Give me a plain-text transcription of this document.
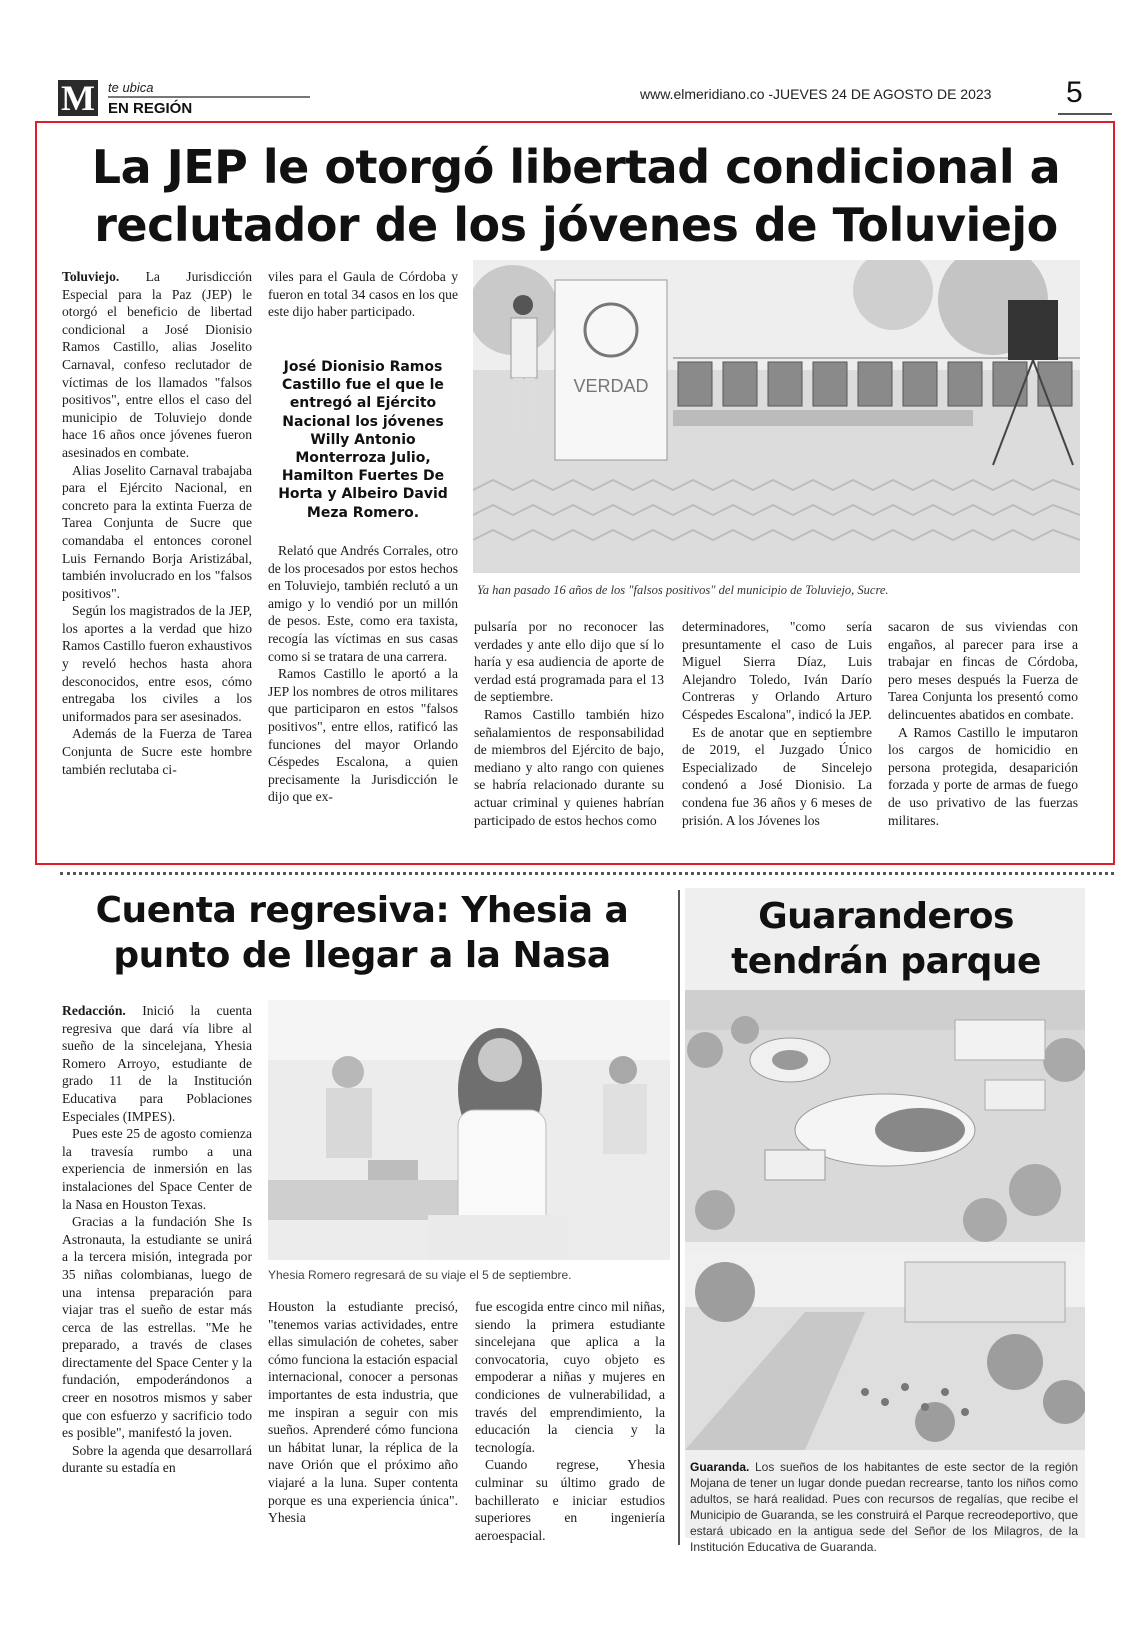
M te ubica
EN REGIÓN
www.elmeridiano.co -JUEVES 24 DE AGOSTO DE 2023 5
La JEP le otorgó libertad condicional a
reclutador de los jóvenes de Toluviejo

Toluviejo. La Jurisdicción Especial para la Paz (JEP) le otorgó el beneficio de libertad condicional a José Dionisio Ramos Castillo, alias Joselito Carnaval, confeso reclutador de víctimas de los llamados "falsos positivos", entre ellos el caso del municipio de Toluviejo donde hace 16 años once jóvenes fueron asesinados en combate.

Alias Joselito Carnaval trabajaba para el Ejército Nacional, en concreto para la extinta Fuerza de Tarea Conjunta de Sucre que comandaba el entonces coronel Luis Fernando Borja Aristizábal, también involucrado en los "falsos positivos".

Según los magistrados de la JEP, los aportes a la verdad que hizo Ramos Castillo fueron exhaustivos y reveló hechos hasta ahora desconocidos, entre esos, cómo entregaba los civiles a los uniformados para ser asesinados.

Además de la Fuerza de Tarea Conjunta de Sucre este hombre también reclutaba ci-

viles para el Gaula de Córdoba y fueron en total 34 casos en los que este dijo haber participado.

José Dionisio Ramos Castillo fue el que le entregó al Ejército Nacional los jóvenes Willy Antonio Monterroza Julio, Hamilton Fuertes De Horta y Albeiro David Meza Romero.

Relató que Andrés Corrales, otro de los procesados por estos hechos en Toluviejo, también reclutó a un amigo y lo vendió por un millón de pesos. Este, como era taxista, recogía las víctimas en sus casas como si se tratara de una carrera.

Ramos Castillo le aportó a la JEP los nombres de otros militares que participaron en estos "falsos positivos", entre ellos, ratificó las funciones del mayor Orlando Céspedes Escalona, a quien precisamente la Jurisdicción le dijo que ex-

VERDAD
Ya han pasado 16 años de los "falsos positivos" del municipio de Toluviejo, Sucre.

pulsaría por no reconocer las verdades y ante ello dijo que sí lo haría y esa audiencia de aporte de verdad está programada para el 13 de septiembre.

Ramos Castillo también hizo señalamientos de responsabilidad de miembros del Ejército de bajo, mediano y alto rango con quienes se habría relacionado durante su actuar criminal y quienes habrían participado de estos hechos como

determinadores, "como sería presuntamente el caso de Luis Miguel Sierra Díaz, Luis Alejandro Toledo, Iván Darío Contreras y Orlando Arturo Céspedes Escalona", indicó la JEP.

Es de anotar que en septiembre de 2019, el Juzgado Único Especializado de Sincelejo condenó a José Dionisio. La condena fue 36 años y 6 meses de prisión. A los Jóvenes los

sacaron de sus viviendas con engaños, al parecer para irse a trabajar en fincas de Córdoba, pero meses después la Fuerza de Tarea Conjunta los presentó como delincuentes abatidos en combate.

A Ramos Castillo le imputaron los cargos de homicidio en persona protegida, desaparición forzada y porte de armas de fuego de uso privativo de las fuerzas militares.

Cuenta regresiva: Yhesia a
punto de llegar a la Nasa

Redacción. Inició la cuenta regresiva que dará vía libre al sueño de la sincelejana, Yhesia Romero Arroyo, estudiante de grado 11 de la Institución Educativa para Poblaciones Especiales (IMPES).

Pues este 25 de agosto comienza la travesía rumbo a una experiencia de inmersión en las instalaciones del Space Center de la Nasa en Houston Texas.

Gracias a la fundación She Is Astronauta, la estudiante se unirá a la tercera misión, integrada por 35 niñas colombianas, luego de una intensa preparación para viajar tras el sueño de estar más cerca de las estrellas. "Me he preparado, a través de clases directamente del Space Center y la fundación, empoderándonos a creer en nosotros mismos y saber que con esfuerzo y sacrificio todo es posible", manifestó la joven.

Sobre la agenda que desarrollará durante su estadía en

Yhesia Romero regresará de su viaje el 5 de septiembre.

Houston la estudiante precisó, "tenemos varias actividades, entre ellas simulación de cohetes, saber cómo funciona la estación espacial internacional, conocer a personas importantes de esta industria, que me inspiran a seguir con mis sueños. Aprenderé cómo funciona un hábitat lunar, la réplica de la nave Orión que el próximo año viajaré a la luna. Super contenta porque es una experiencia única". Yhesia

fue escogida entre cinco mil niñas, siendo la primera estudiante sincelejana que aplica a la convocatoria, cuyo objeto es empoderar a niñas y mujeres en condiciones de vulnerabilidad, a través del emprendimiento, la educación la ciencia y la tecnología.

Cuando regrese, Yhesia culminar su último grado de bachillerato e iniciar estudios superiores en ingeniería aeroespacial.

Guaranderos
tendrán parque
Guaranda. Los sueños de los habitantes de este sector de la región Mojana de tener un lugar donde puedan recrearse, tanto los niños como adultos, se hará realidad. Pues con recursos de regalías, que recibe el Municipio de Guaranda, se les construirá el Parque recreodeportivo, que estará ubicado en la antigua sede del Señor de los Milagros, de la Institución Educativa de Guaranda.
